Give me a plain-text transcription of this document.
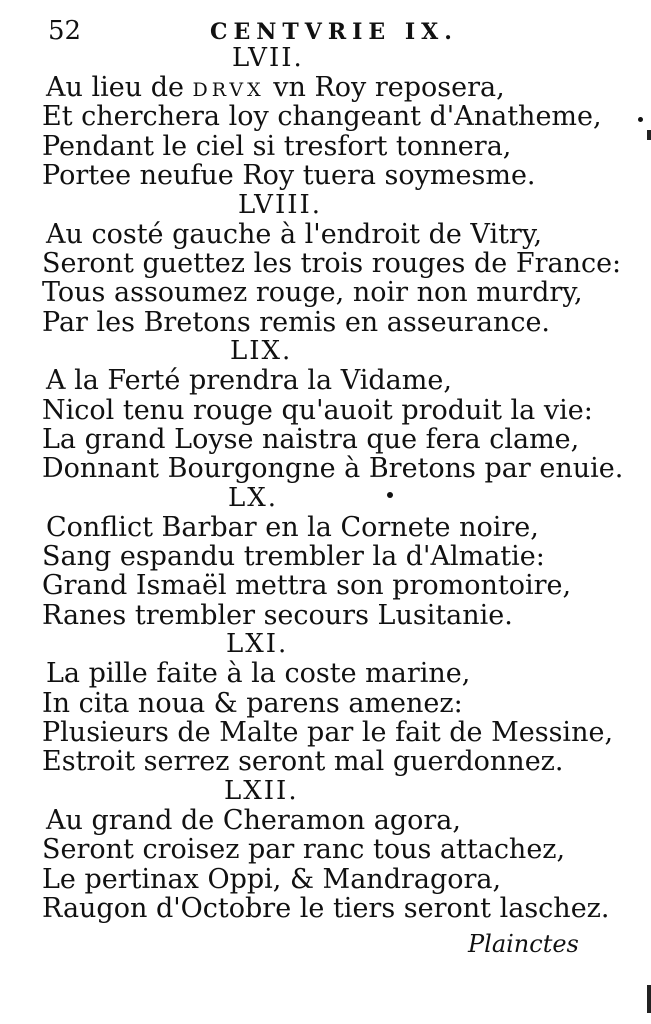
52	CENTVRIE IX.
LVII.
Au lieu de DRVX vn Roy reposera,
Et cherchera loy changeant d'Anatheme,
Pendant le ciel si tresfort tonnera,
Portee neufue Roy tuera soymesme.
LVIII.
Au costé gauche à l'endroit de Vitry,
Seront guettez les trois rouges de France:
Tous assoumez rouge, noir non murdry,
Par les Bretons remis en asseurance.
LIX.
A la Ferté prendra la Vidame,
Nicol tenu rouge qu'auoit produit la vie:
La grand Loyse naistra que fera clame,
Donnant Bourgongne à Bretons par enuie.
LX.
Conflict Barbar en la Cornete noire,
Sang espandu trembler la d'Almatie:
Grand Ismaël mettra son promontoire,
Ranes trembler secours Lusitanie.
LXI.
La pille faite à la coste marine,
In cita noua & parens amenez:
Plusieurs de Malte par le fait de Messine,
Estroit serrez seront mal guerdonnez.
LXII.
Au grand de Cheramon agora,
Seront croisez par ranc tous attachez,
Le pertinax Oppi, & Mandragora,
Raugon d'Octobre le tiers seront laschez.
Plainctes
